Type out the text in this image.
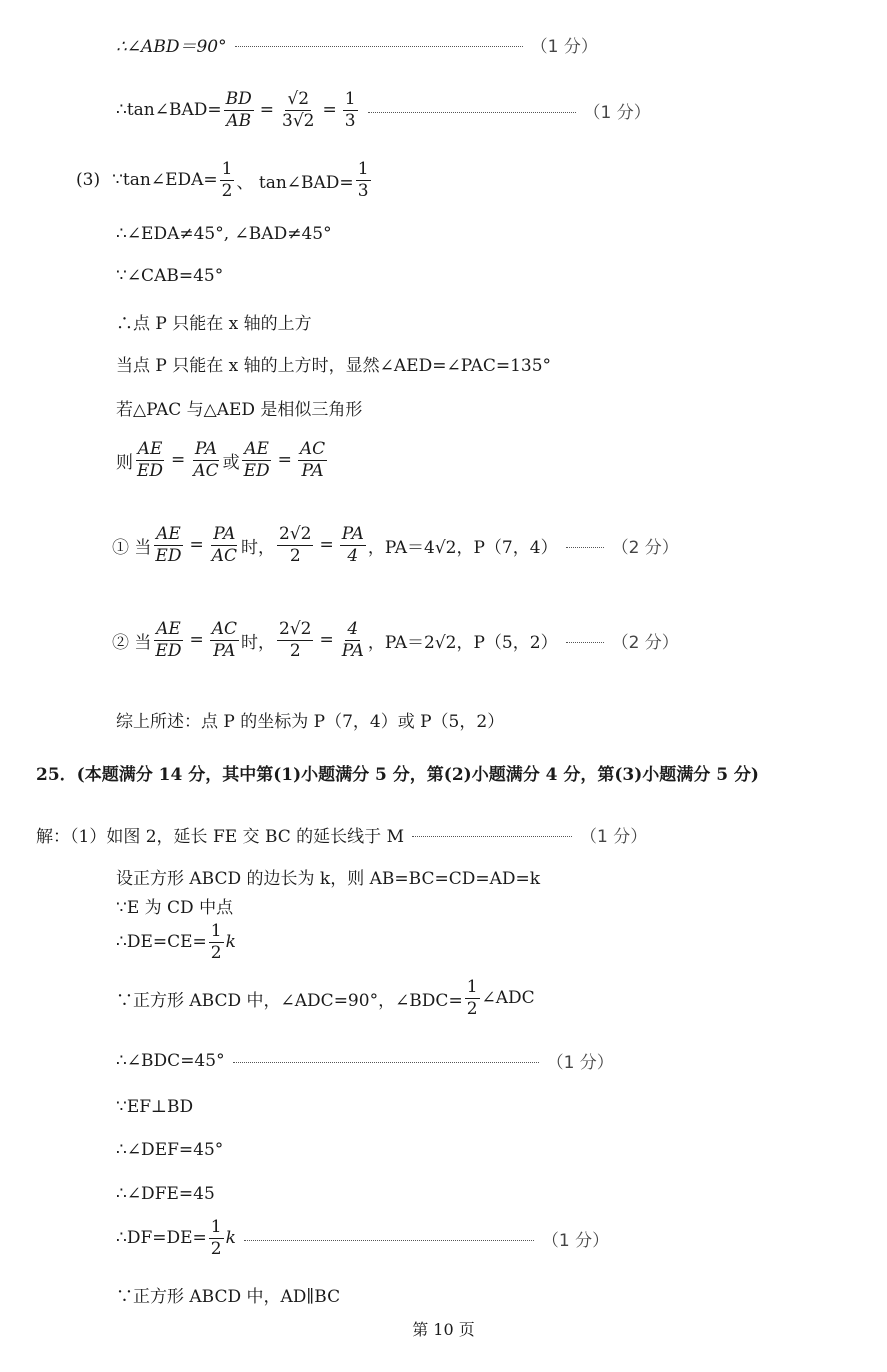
∴∠ABD＝90°	（1 分）
∴tan∠BAD= $\frac{BD}{AB} = \frac{√2}{3√2} = \frac{1}{3}$	（1 分）
(3) ∵tan∠EDA= $\frac{1}{2}$ 、 tan∠BAD= $\frac{1}{3}$
∴∠EDA≠45°, ∠BAD≠45°
∵∠CAB=45°
∴点 P 只能在 x 轴的上方
当点 P 只能在 x 轴的上方时，显然∠AED=∠PAC=135°
若△PAC 与△AED 是相似三角形
则 $\frac{AE}{ED} = \frac{PA}{AC}$ 或 $\frac{AE}{ED} = \frac{AC}{PA}$
① 当 $\frac{AE}{ED} = \frac{PA}{AC}$ 时， $\frac{2√2}{2} = \frac{PA}{4}$ ，PA＝4√2，P（7，4）	（2 分）
② 当 $\frac{AE}{ED} = \frac{AC}{PA}$ 时， $\frac{2√2}{2} = \frac{4}{PA}$ ，PA＝2√2，P（5，2）	（2 分）
综上所述：点 P 的坐标为 P（7，4）或 P（5，2）
25．(本题满分 14 分，其中第(1)小题满分 5 分，第(2)小题满分 4 分，第(3)小题满分 5 分)
解：（1）如图 2，延长 FE 交 BC 的延长线于 M	（1 分）
设正方形 ABCD 的边长为 k，则 AB=BC=CD=AD=k
∵E 为 CD 中点
∴DE=CE= $\frac{1}{2}$ k
∵正方形 ABCD 中，∠ADC=90°，∠BDC= $\frac{1}{2}$ ∠ADC
∴∠BDC=45°	（1 分）
∵EF⊥BD
∴∠DEF=45°
∴∠DFE=45
∴DF=DE= $\frac{1}{2}$ k	（1 分）
∵正方形 ABCD 中，AD∥BC
第 10 页
